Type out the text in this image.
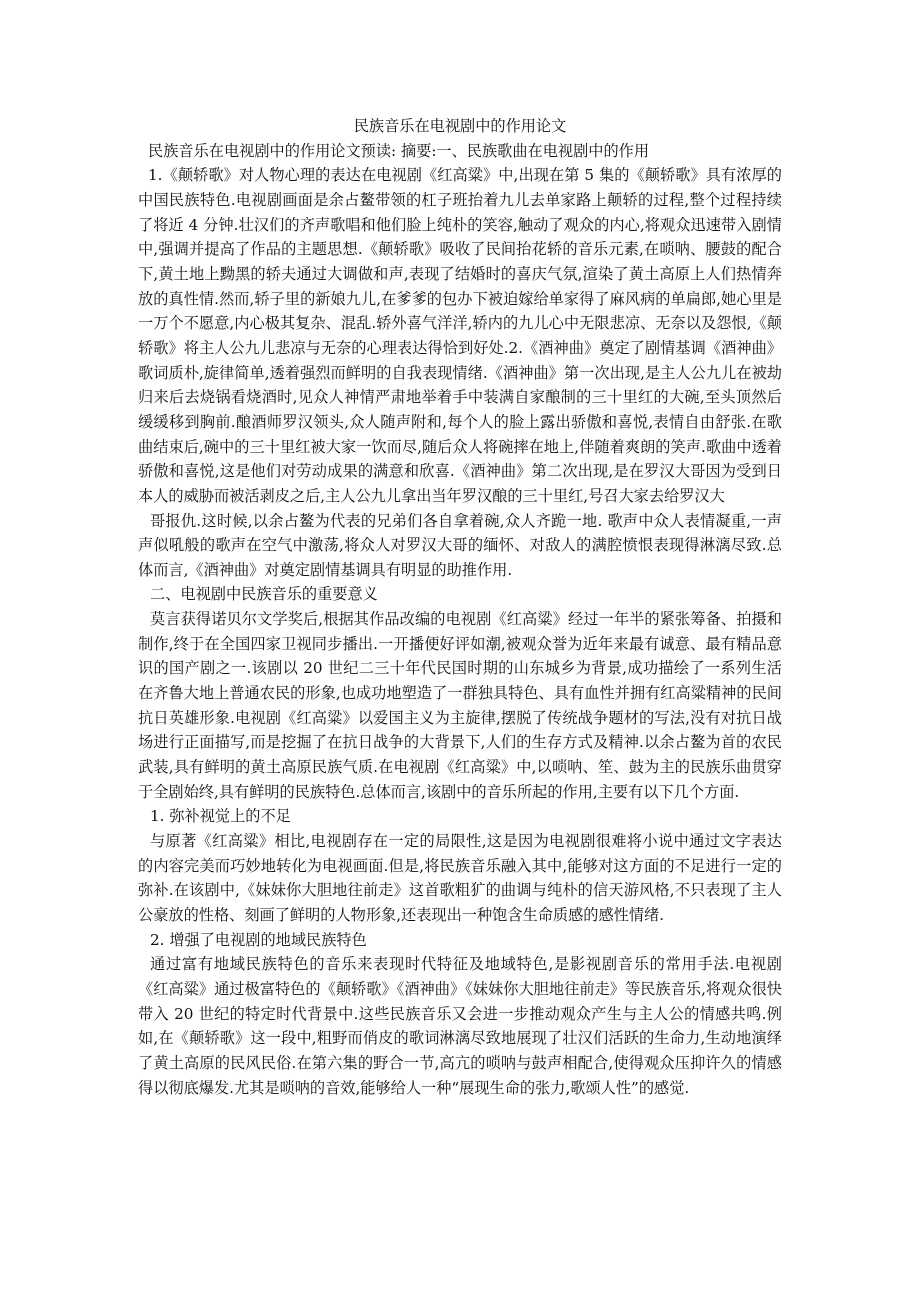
民族音乐在电视剧中的作用论文

民族音乐在电视剧中的作用论文预读: 摘要:一、民族歌曲在电视剧中的作用

1.《颠轿歌》对人物心理的表达在电视剧《红高粱》中,出现在第 5 集的《颠轿歌》具有浓厚的中国民族特色.电视剧画面是余占鳌带领的杠子班抬着九儿去单家路上颠轿的过程,整个过程持续了将近 4 分钟.壮汉们的齐声歌唱和他们脸上纯朴的笑容,触动了观众的内心,将观众迅速带入剧情中,强调并提高了作品的主题思想.《颠轿歌》吸收了民间抬花轿的音乐元素,在唢呐、腰鼓的配合下,黄土地上黝黑的轿夫通过大调做和声,表现了结婚时的喜庆气氛,渲染了黄土高原上人们热情奔放的真性情.然而,轿子里的新娘九儿,在爹爹的包办下被迫嫁给单家得了麻风病的单扁郎,她心里是一万个不愿意,内心极其复杂、混乱.轿外喜气洋洋,轿内的九儿心中无限悲凉、无奈以及怨恨,《颠轿歌》将主人公九儿悲凉与无奈的心理表达得恰到好处.2.《酒神曲》奠定了剧情基调《酒神曲》歌词质朴,旋律简单,透着强烈而鲜明的自我表现情绪.《酒神曲》第一次出现,是主人公九儿在被劫归来后去烧锅看烧酒时,见众人神情严肃地举着手中装满自家酿制的三十里红的大碗,至头顶然后缓缓移到胸前.酿酒师罗汉领头,众人随声附和,每个人的脸上露出骄傲和喜悦,表情自由舒张.在歌曲结束后,碗中的三十里红被大家一饮而尽,随后众人将碗摔在地上,伴随着爽朗的笑声.歌曲中透着骄傲和喜悦,这是他们对劳动成果的满意和欣喜.《酒神曲》第二次出现,是在罗汉大哥因为受到日本人的威胁而被活剥皮之后,主人公九儿拿出当年罗汉酿的三十里红,号召大家去给罗汉大

哥报仇.这时候,以余占鳌为代表的兄弟们各自拿着碗,众人齐跪一地. 歌声中众人表情凝重,一声声似吼般的歌声在空气中激荡,将众人对罗汉大哥的缅怀、对敌人的满腔愤恨表现得淋漓尽致.总体而言,《酒神曲》对奠定剧情基调具有明显的助推作用.

二、电视剧中民族音乐的重要意义

莫言获得诺贝尔文学奖后,根据其作品改编的电视剧《红高粱》经过一年半的紧张筹备、拍摄和制作,终于在全国四家卫视同步播出.一开播便好评如潮,被观众誉为近年来最有诚意、最有精品意识的国产剧之一.该剧以 20 世纪二三十年代民国时期的山东城乡为背景,成功描绘了一系列生活在齐鲁大地上普通农民的形象,也成功地塑造了一群独具特色、具有血性并拥有红高粱精神的民间抗日英雄形象.电视剧《红高粱》以爱国主义为主旋律,摆脱了传统战争题材的写法,没有对抗日战场进行正面描写,而是挖掘了在抗日战争的大背景下,人们的生存方式及精神.以余占鳌为首的农民武装,具有鲜明的黄土高原民族气质.在电视剧《红高粱》中,以唢呐、笙、鼓为主的民族乐曲贯穿于全剧始终,具有鲜明的民族特色.总体而言,该剧中的音乐所起的作用,主要有以下几个方面.

1. 弥补视觉上的不足

与原著《红高粱》相比,电视剧存在一定的局限性,这是因为电视剧很难将小说中通过文字表达的内容完美而巧妙地转化为电视画面.但是,将民族音乐融入其中,能够对这方面的不足进行一定的弥补.在该剧中,《妹妹你大胆地往前走》这首歌粗犷的曲调与纯朴的信天游风格,不只表现了主人公豪放的性格、刻画了鲜明的人物形象,还表现出一种饱含生命质感的感性情绪.

2. 增强了电视剧的地域民族特色

通过富有地域民族特色的音乐来表现时代特征及地域特色,是影视剧音乐的常用手法.电视剧《红高粱》通过极富特色的《颠轿歌》《酒神曲》《妹妹你大胆地往前走》等民族音乐,将观众很快带入 20 世纪的特定时代背景中.这些民族音乐又会进一步推动观众产生与主人公的情感共鸣.例如,在《颠轿歌》这一段中,粗野而俏皮的歌词淋漓尽致地展现了壮汉们活跃的生命力,生动地演绎了黄土高原的民风民俗.在第六集的野合一节,高亢的唢呐与鼓声相配合,使得观众压抑许久的情感得以彻底爆发.尤其是唢呐的音效,能够给人一种“展现生命的张力,歌颂人性”的感觉.
